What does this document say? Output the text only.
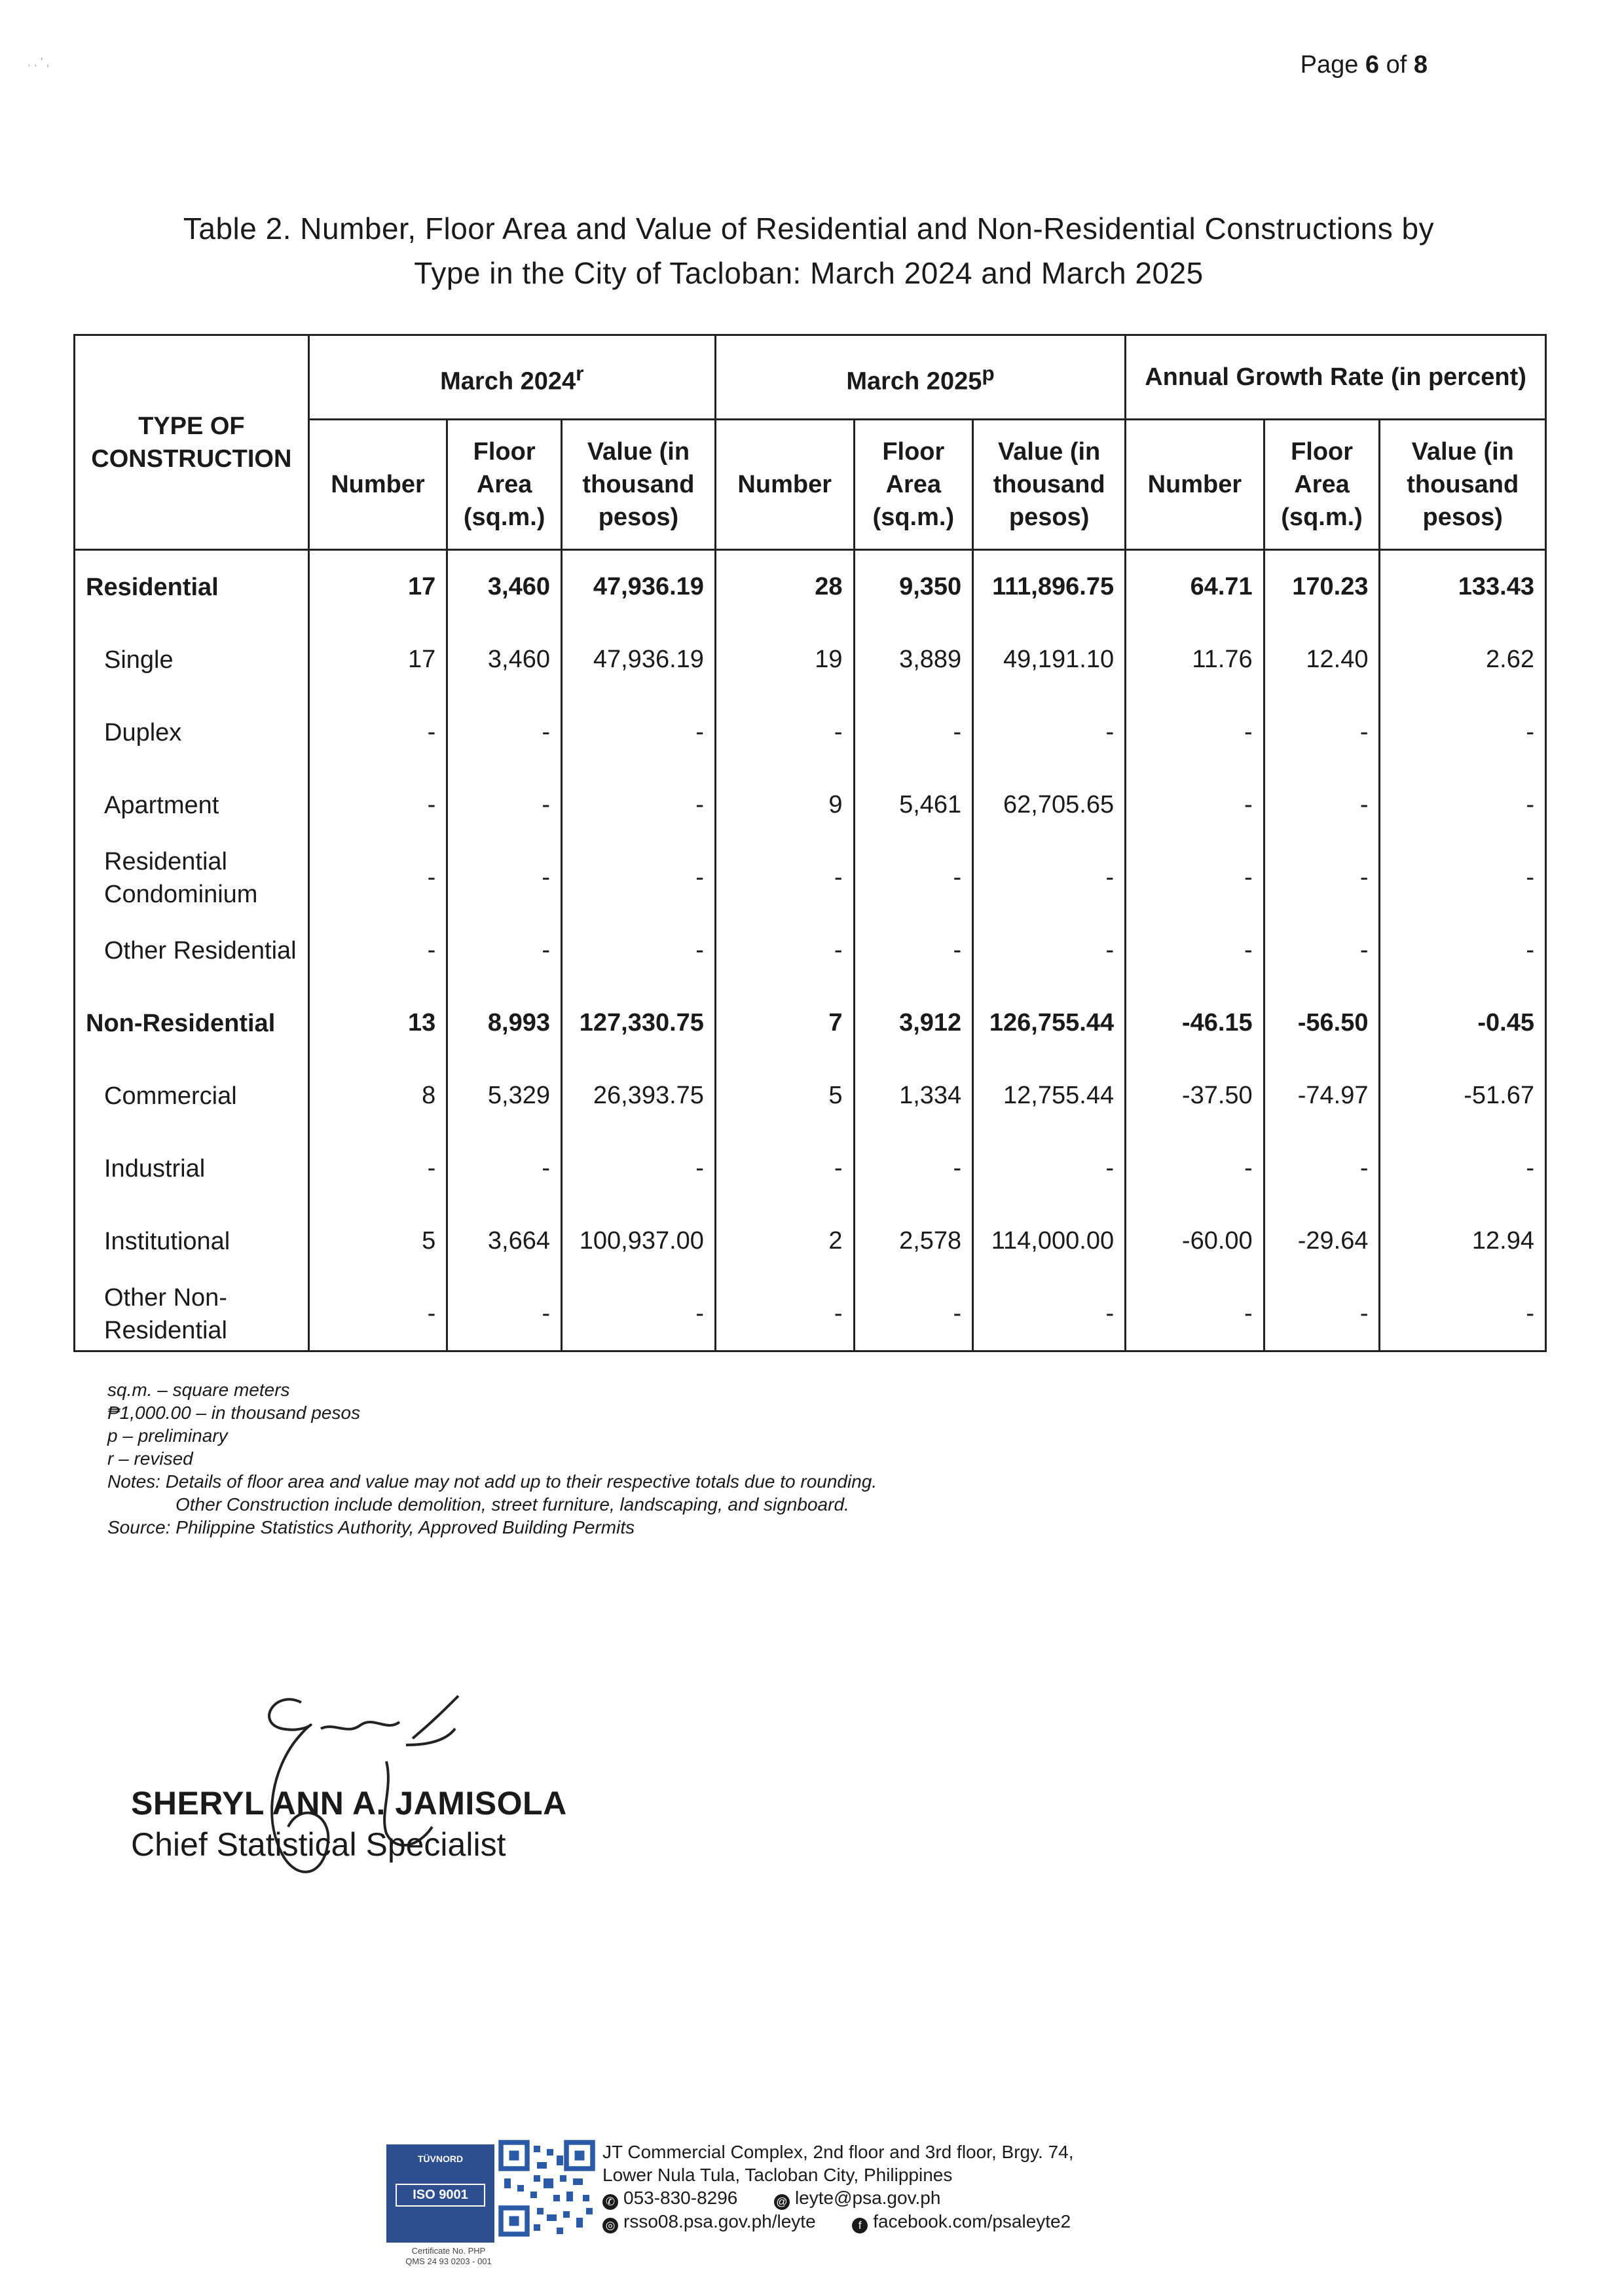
. . ' ,	Page 6 of 8
Table 2. Number, Floor Area and Value of Residential and Non-Residential Constructions by
Type in the City of Tacloban: March 2024 and March 2025
TYPE OF CONSTRUCTION	March 2024$^r$			March 2025$^p$			Annual Growth Rate (in percent)		
	Number	Floor Area (sq.m.)	Value (in thousand pesos)	Number	Floor Area (sq.m.)	Value (in thousand pesos)	Number	Floor Area (sq.m.)	Value (in thousand pesos)
Residential	17	3,460	47,936.19	28	9,350	111,896.75	64.71	170.23	133.43
Single	17	3,460	47,936.19	19	3,889	49,191.10	11.76	12.40	2.62
Duplex	-	-	-	-	-	-	-	-	-
Apartment	-	-	-	9	5,461	62,705.65	-	-	-
Residential Condominium	-	-	-	-	-	-	-	-	-
Other Residential	-	-	-	-	-	-	-	-	-
Non-Residential	13	8,993	127,330.75	7	3,912	126,755.44	-46.15	-56.50	-0.45
Commercial	8	5,329	26,393.75	5	1,334	12,755.44	-37.50	-74.97	-51.67
Industrial	-	-	-	-	-	-	-	-	-
Institutional	5	3,664	100,937.00	2	2,578	114,000.00	-60.00	-29.64	12.94
Other Non-Residential	-	-	-	-	-	-	-	-	-
sq.m. – square meters
₱1,000.00 – in thousand pesos
p – preliminary
r – revised
Notes: Details of floor area and value may not add up to their respective totals due to rounding.
Other Construction include demolition, street furniture, landscaping, and signboard.
Source: Philippine Statistics Authority, Approved Building Permits
SHERYL ANN A. JAMISOLA
Chief Statistical Specialist
TÜVNORD
ISO 9001
Certificate No. PHP
QMS 24 93 0203 - 001
JT Commercial Complex, 2nd floor and 3rd floor, Brgy. 74,
Lower Nula Tula, Tacloban City, Philippines
✆ 053-830-8296	@ leyte@psa.gov.ph
◎ rsso08.psa.gov.ph/leyte	f facebook.com/psaleyte2
